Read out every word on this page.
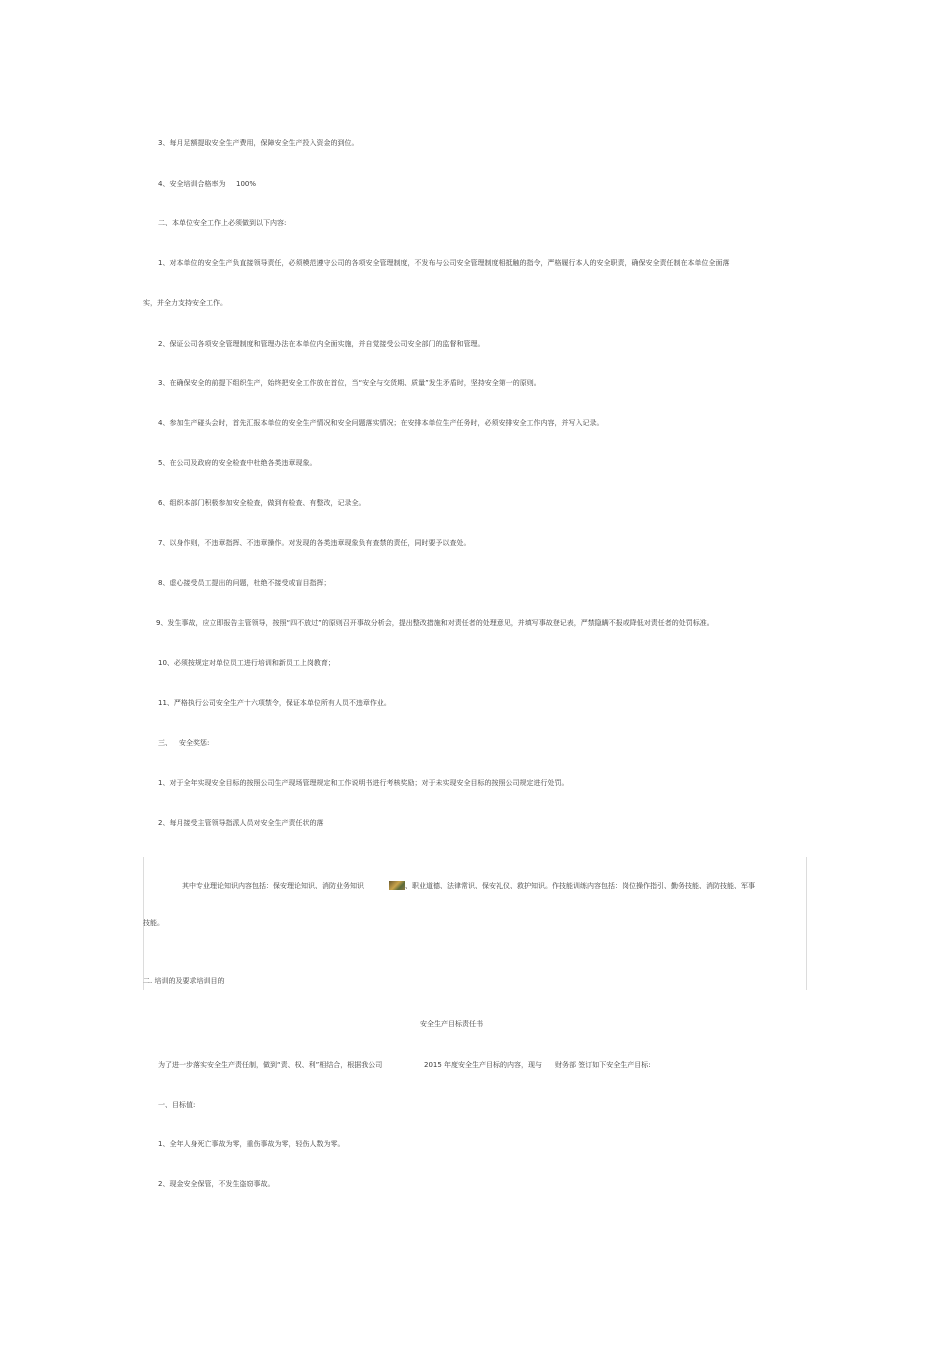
3、每月足额提取安全生产费用，保障安全生产投入资金的到位。
4、安全培训合格率为 100%
二、本单位安全工作上必须做到以下内容:
1、对本单位的安全生产负直接领导责任，必须模范遵守公司的各项安全管理制度，不发布与公司安全管理制度相抵触的指令，严格履行本人的安全职责，确保安全责任制在本单位全面落
实，并全力支持安全工作。
2、保证公司各项安全管理制度和管理办法在本单位内全面实施，并自觉接受公司安全部门的监督和管理。
3、在确保安全的前提下组织生产，始终把安全工作放在首位，当“安全与交货期、质量”发生矛盾时，坚持安全第一的原则。
4、参加生产碰头会时，首先汇报本单位的安全生产情况和安全问题落实情况；在安排本单位生产任务时，必须安排安全工作内容，并写入记录。
5、在公司及政府的安全检查中杜绝各类违章现象。
6、组织本部门积极参加安全检查，做到有检查、有整改，记录全。
7、以身作则，不违章指挥、不违章操作。对发现的各类违章现象负有查禁的责任，同时要予以查处。
8、虚心接受员工提出的问题，杜绝不接受或盲目指挥；
9、发生事故，应立即报告主管领导，按照“四不放过”的原则召开事故分析会，提出整改措施和对责任者的处理意见，并填写事故登记表，严禁隐瞒不报或降低对责任者的处罚标准。
10、必须按规定对单位员工进行培训和新员工上岗教育；
11、严格执行公司安全生产十六项禁令，保证本单位所有人员不违章作业。
三、 安全奖惩:
1、对于全年实现安全目标的按照公司生产现场管理规定和工作说明书进行考核奖励；对于未实现安全目标的按照公司规定进行处罚。
2、每月接受主管领导指派人员对安全生产责任状的落
其中专业理论知识内容包括：保安理论知识、消防业务知识	、职业道德、法律常识、保安礼仪、救护知识。作技能训练内容包括：岗位操作指引、勤务技能、消防技能、军事
技能。
二. 培训的及要求培训目的
安全生产目标责任书
为了进一步落实安全生产责任制，做到“责、权、利”相结合，根据我公司	2015 年度安全生产目标的内容，现与 财务部 签订如下安全生产目标:
一、目标值:
1、全年人身死亡事故为零，重伤事故为零，轻伤人数为零。
2、现金安全保管，不发生盗窃事故。
